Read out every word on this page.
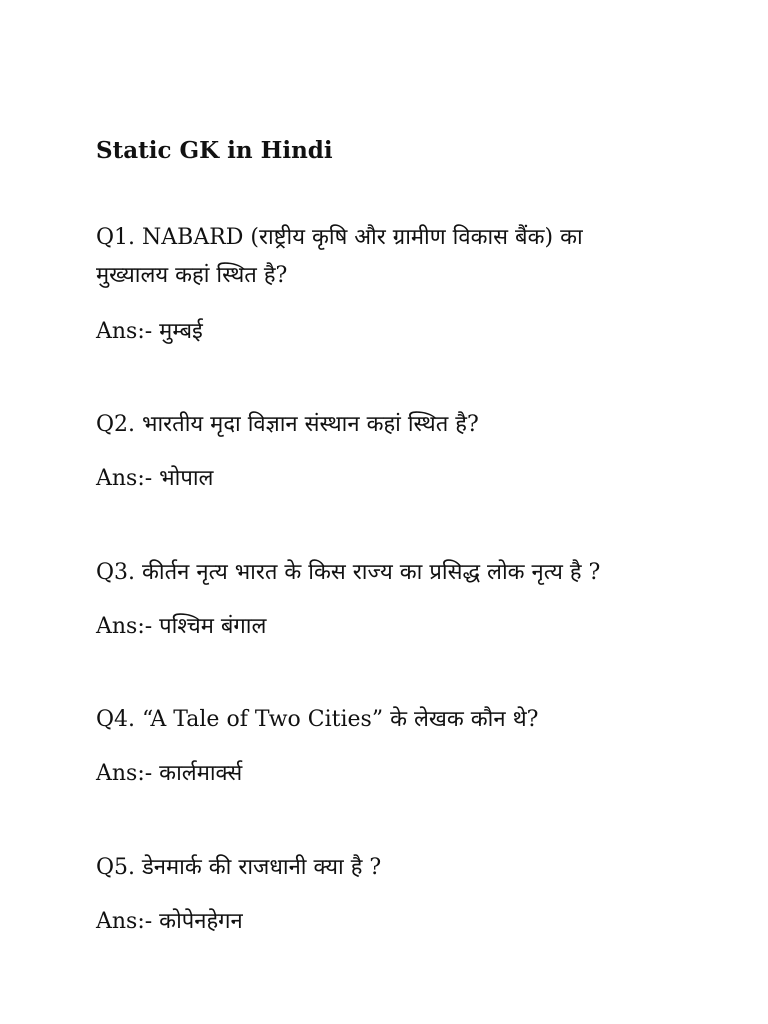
Static GK in Hindi
Q1. NABARD (राष्ट्रीय कृषि और ग्रामीण विकास बैंक) का मुख्यालय कहां स्थित है?
Ans:- मुम्बई
Q2. भारतीय मृदा विज्ञान संस्थान कहां स्थित है?
Ans:- भोपाल
Q3. कीर्तन नृत्य भारत के किस राज्य का प्रसिद्ध लोक नृत्य है ?
Ans:- पश्चिम बंगाल
Q4. “A Tale of Two Cities” के लेखक कौन थे?
Ans:- कार्लमार्क्स
Q5. डेनमार्क की राजधानी क्या है ?
Ans:- कोपेनहेगन
